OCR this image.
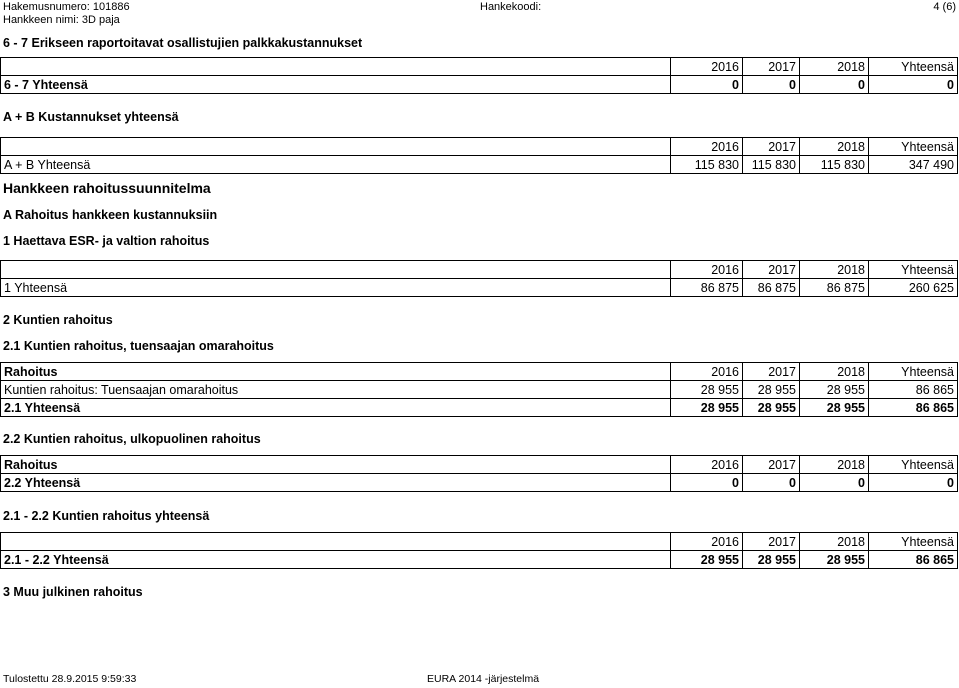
Hakemusnumero: 101886	Hankekoodi:	4 (6)
Hankkeen nimi: 3D paja
6 - 7 Erikseen raportoitavat osallistujien palkkakustannukset
	2016	2017	2018	Yhteensä
6 - 7 Yhteensä	0	0	0	0
A + B Kustannukset yhteensä
	2016	2017	2018	Yhteensä
A + B Yhteensä	115 830	115 830	115 830	347 490
Hankkeen rahoitussuunnitelma
A Rahoitus hankkeen kustannuksiin
1 Haettava ESR- ja valtion rahoitus
	2016	2017	2018	Yhteensä
1 Yhteensä	86 875	86 875	86 875	260 625
2 Kuntien rahoitus
2.1 Kuntien rahoitus, tuensaajan omarahoitus
Rahoitus	2016	2017	2018	Yhteensä
Kuntien rahoitus: Tuensaajan omarahoitus	28 955	28 955	28 955	86 865
2.1 Yhteensä	28 955	28 955	28 955	86 865
2.2 Kuntien rahoitus, ulkopuolinen rahoitus
Rahoitus	2016	2017	2018	Yhteensä
2.2 Yhteensä	0	0	0	0
2.1 - 2.2 Kuntien rahoitus yhteensä
	2016	2017	2018	Yhteensä
2.1 - 2.2 Yhteensä	28 955	28 955	28 955	86 865
3 Muu julkinen rahoitus
Tulostettu 28.9.2015 9:59:33	EURA 2014 -järjestelmä
